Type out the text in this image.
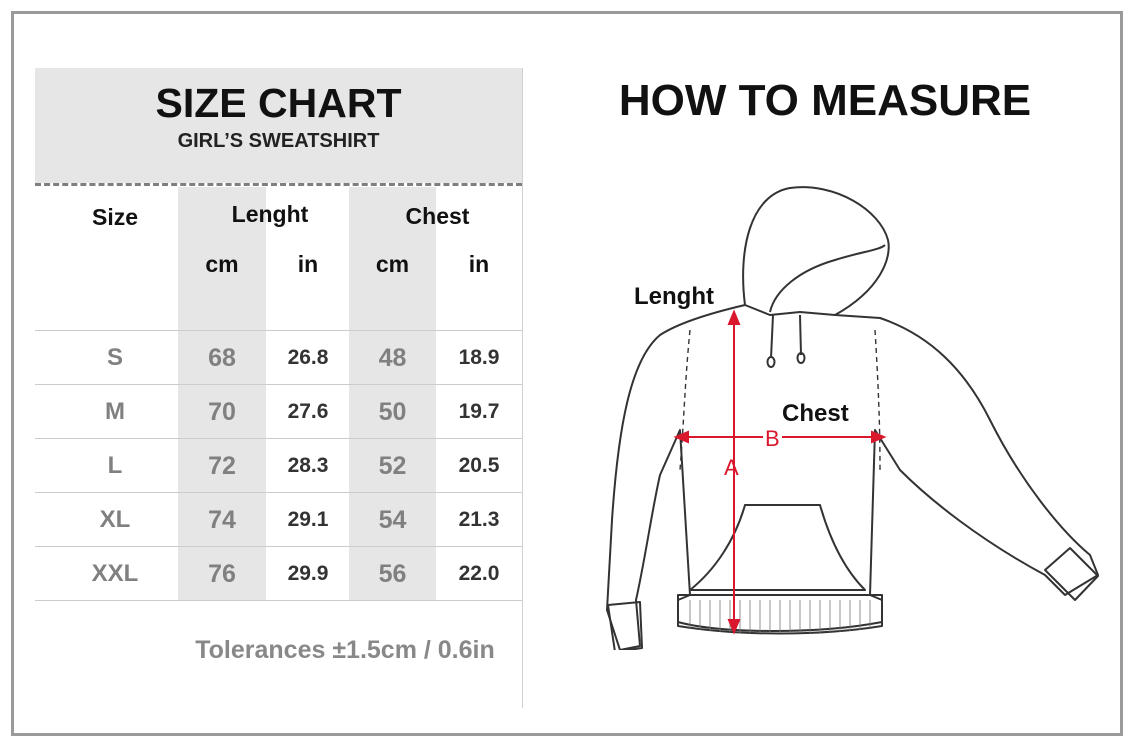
SIZE CHART
GIRL’S SWEATSHIRT
Size	Lenght	Chest
cm	in	cm	in
S	68	26.8	48	18.9
M	70	27.6	50	19.7
L	72	28.3	52	20.5
XL	74	29.1	54	21.3
XXL	76	29.9	56	22.0
Tolerances ±1.5cm / 0.6in
HOW TO MEASURE
Lenght
Chest
A
B
